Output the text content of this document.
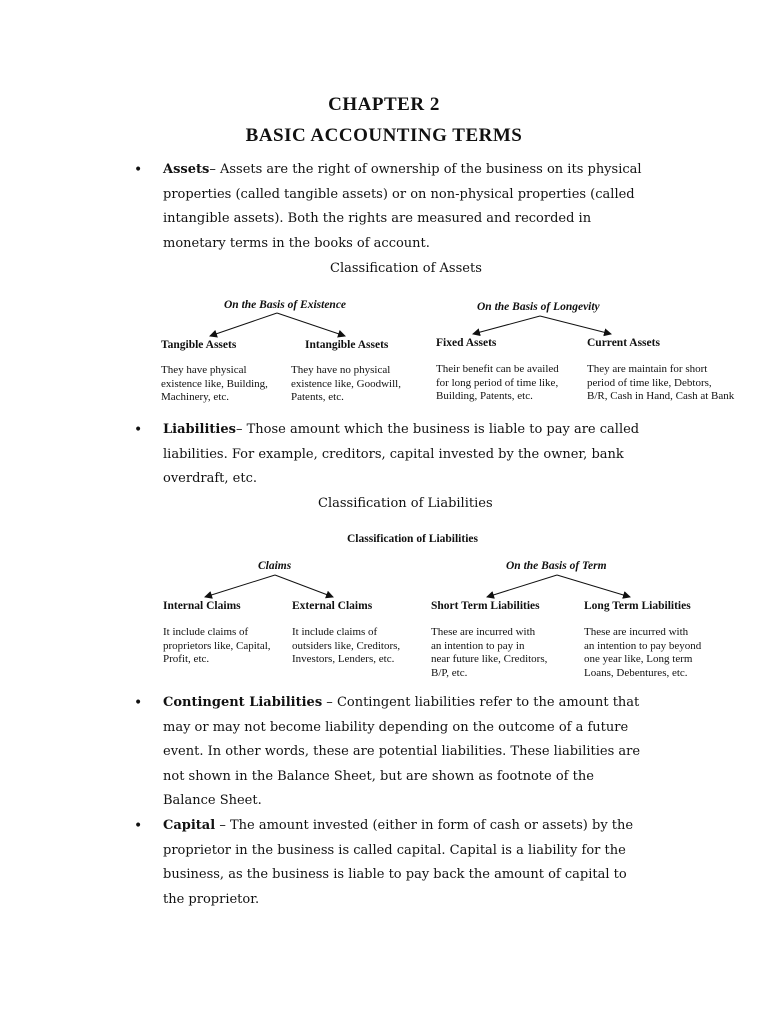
CHAPTER 2
BASIC ACCOUNTING TERMS
• Assets– Assets are the right of ownership of the business on its physical
properties (called tangible assets) or on non-physical properties (called
intangible assets). Both the rights are measured and recorded in
monetary terms in the books of account.
Classification of Assets
On the Basis of Existence	On the Basis of Longevity
Tangible Assets	Intangible Assets	Fixed Assets	Current Assets
They have physical
existence like, Building,
Machinery, etc.
They have no physical
existence like, Goodwill,
Patents, etc.
Their benefit can be availed
for long period of time like,
Building, Patents, etc.
They are maintain for short
period of time like, Debtors,
B/R, Cash in Hand, Cash at Bank
• Liabilities– Those amount which the business is liable to pay are called
liabilities. For example, creditors, capital invested by the owner, bank
overdraft, etc.
Classification of Liabilities
Classification of Liabilities
Claims	On the Basis of Term
Internal Claims	External Claims	Short Term Liabilities	Long Term Liabilities
It include claims of
proprietors like, Capital,
Profit, etc.
It include claims of
outsiders like, Creditors,
Investors, Lenders, etc.
These are incurred with
an intention to pay in
near future like, Creditors,
B/P, etc.
These are incurred with
an intention to pay beyond
one year like, Long term
Loans, Debentures, etc.
• Contingent Liabilities – Contingent liabilities refer to the amount that
may or may not become liability depending on the outcome of a future
event. In other words, these are potential liabilities. These liabilities are
not shown in the Balance Sheet, but are shown as footnote of the
Balance Sheet.
• Capital – The amount invested (either in form of cash or assets) by the
proprietor in the business is called capital. Capital is a liability for the
business, as the business is liable to pay back the amount of capital to
the proprietor.
